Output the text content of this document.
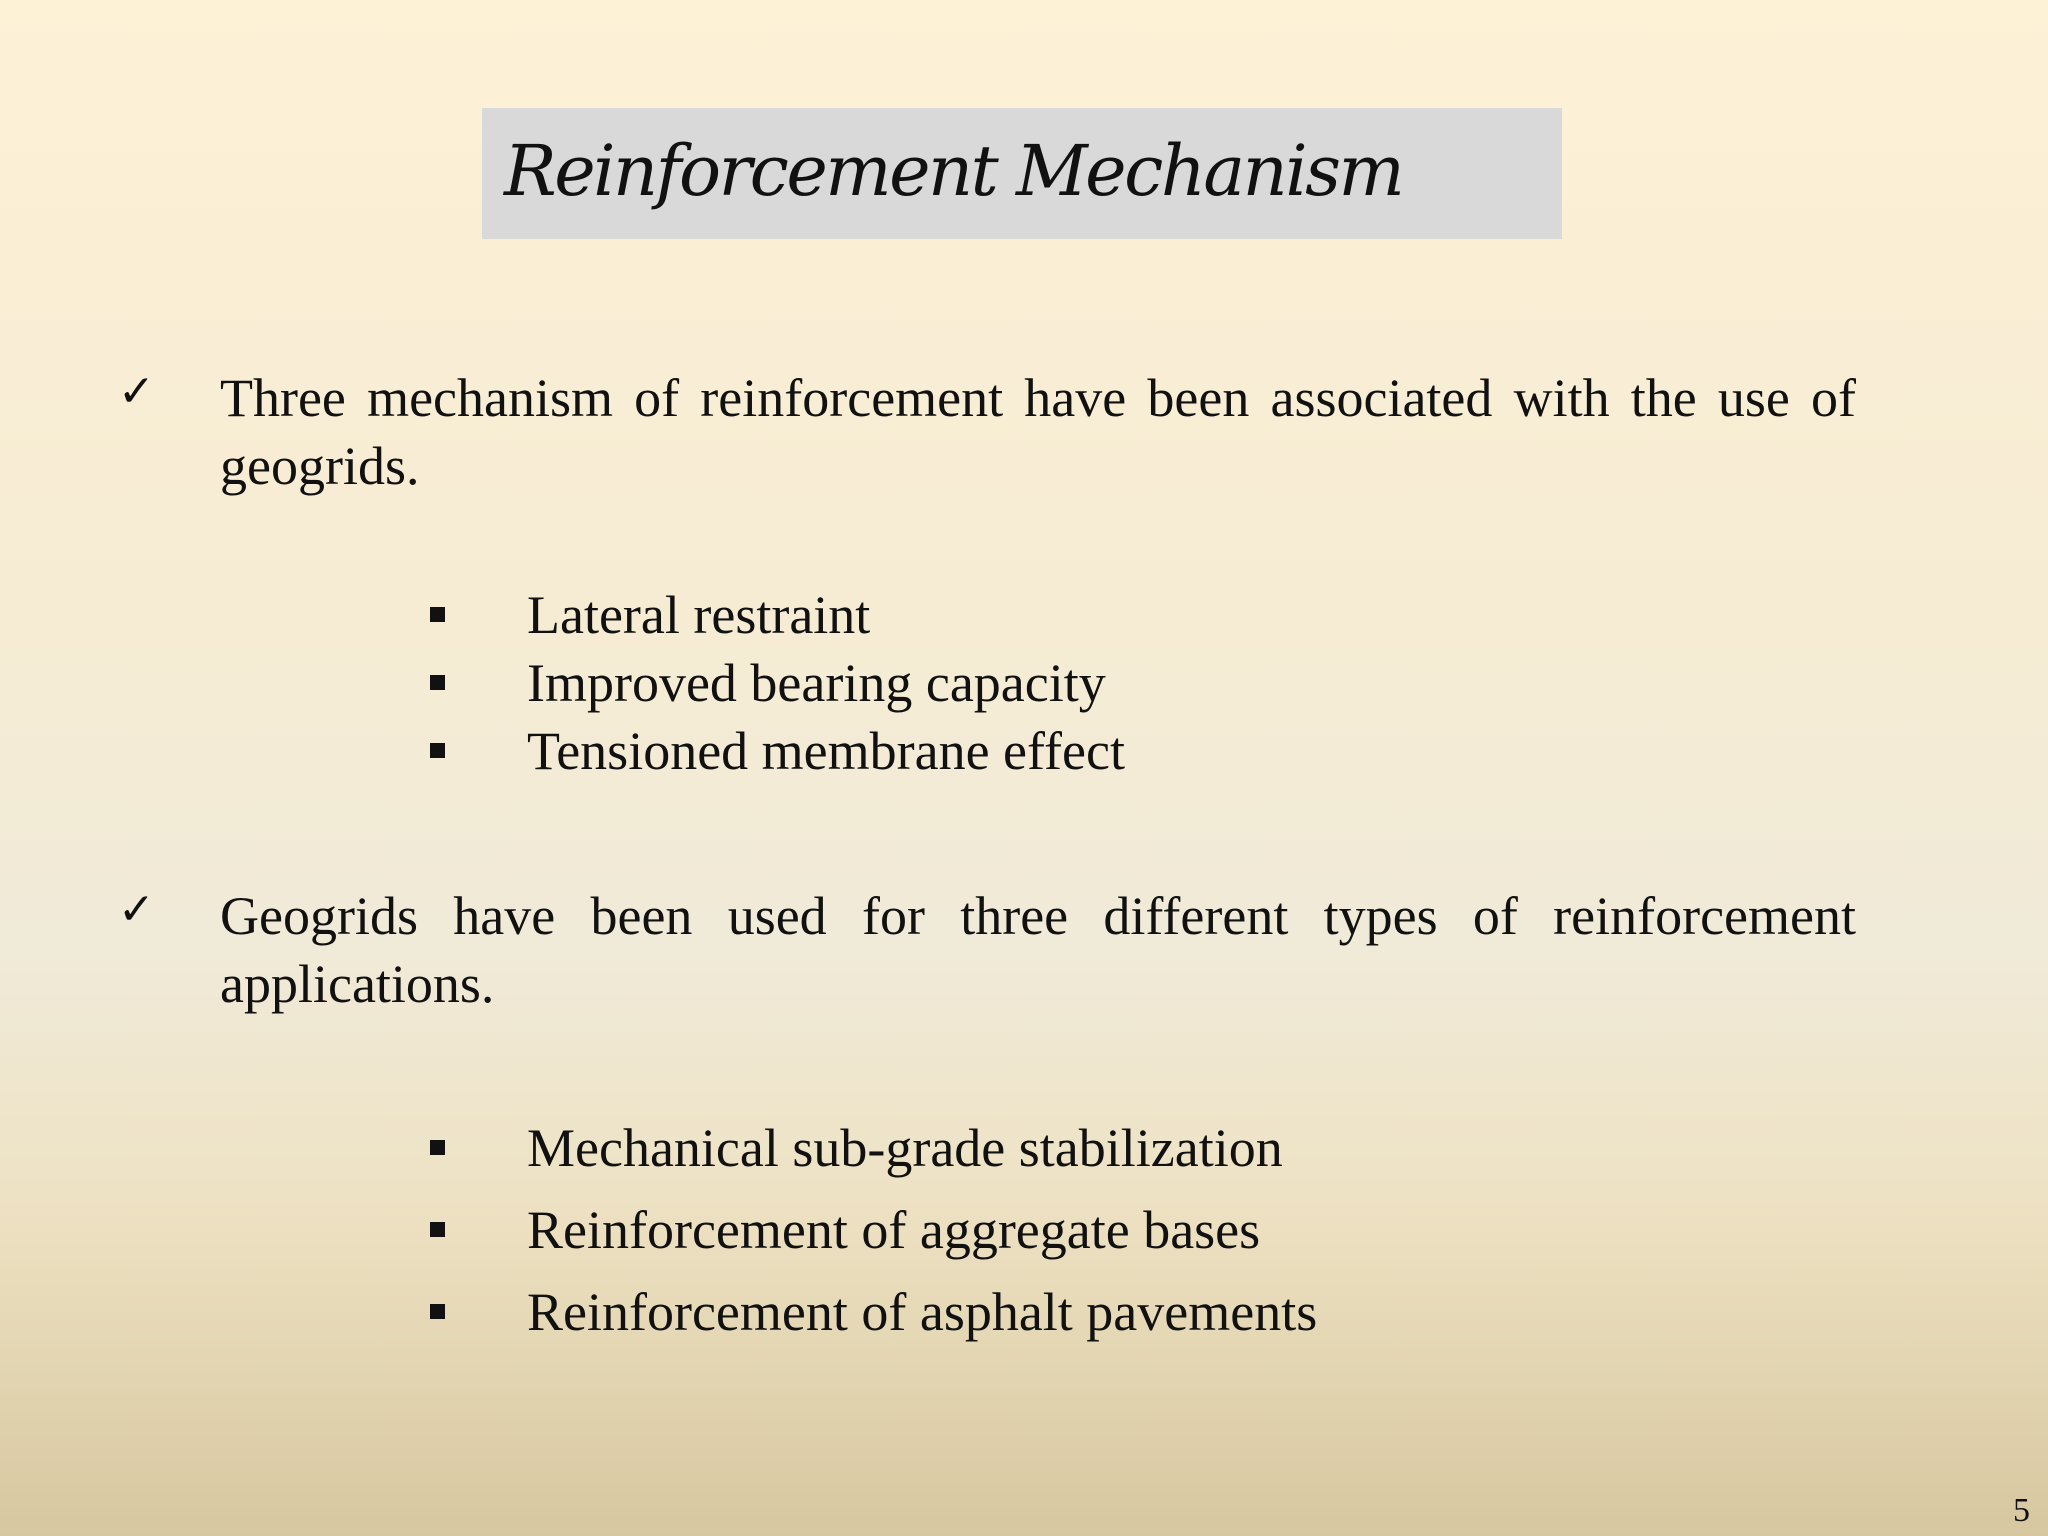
Reinforcement Mechanism
✓ Three mechanism of reinforcement have been associated with the use of geogrids.
Lateral restraint
Improved bearing capacity
Tensioned membrane effect
✓ Geogrids have been used for three different types of reinforcement applications.
Mechanical sub-grade stabilization
Reinforcement of aggregate bases
Reinforcement of asphalt pavements
5
